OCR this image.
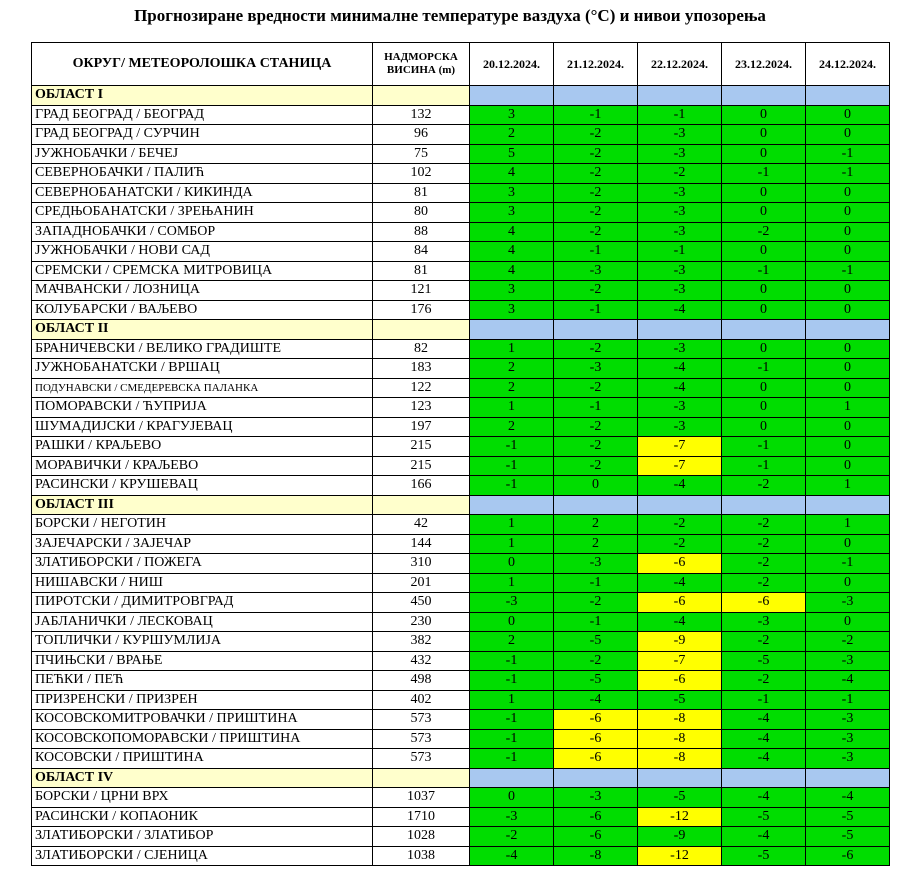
Прогнозиране вредности минималне температуре ваздуха (°C) и нивои упозорења
ОКРУГ/ МЕТЕОРОЛОШКА СТАНИЦА	НАДМОРСКА
ВИСИНА (m)	20.12.2024.	21.12.2024.	22.12.2024.	23.12.2024.	24.12.2024.
ОБЛАСТ I						
ГРАД БЕОГРАД / БЕОГРАД	132	3	-1	-1	0	0
ГРАД БЕОГРАД / СУРЧИН	96	2	-2	-3	0	0
ЈУЖНОБАЧКИ / БЕЧЕЈ	75	5	-2	-3	0	-1
СЕВЕРНОБАЧКИ / ПАЛИЋ	102	4	-2	-2	-1	-1
СЕВЕРНОБАНАТСКИ / КИКИНДА	81	3	-2	-3	0	0
СРЕДЊОБАНАТСКИ / ЗРЕЊАНИН	80	3	-2	-3	0	0
ЗАПАДНОБАЧКИ / СОМБОР	88	4	-2	-3	-2	0
ЈУЖНОБАЧКИ / НОВИ САД	84	4	-1	-1	0	0
СРЕМСКИ / СРЕМСКА МИТРОВИЦА	81	4	-3	-3	-1	-1
МАЧВАНСКИ / ЛОЗНИЦА	121	3	-2	-3	0	0
КОЛУБАРСКИ / ВАЉЕВО	176	3	-1	-4	0	0
ОБЛАСТ II						
БРАНИЧЕВСКИ / ВЕЛИКО ГРАДИШТЕ	82	1	-2	-3	0	0
ЈУЖНОБАНАТСКИ / ВРШАЦ	183	2	-3	-4	-1	0
ПОДУНАВСКИ / СМЕДЕРЕВСКА ПАЛАНКА	122	2	-2	-4	0	0
ПОМОРАВСКИ / ЋУПРИЈА	123	1	-1	-3	0	1
ШУМАДИЈСКИ / КРАГУЈЕВАЦ	197	2	-2	-3	0	0
РАШКИ / КРАЉЕВО	215	-1	-2	-7	-1	0
МОРАВИЧКИ / КРАЉЕВО	215	-1	-2	-7	-1	0
РАСИНСКИ / КРУШЕВАЦ	166	-1	0	-4	-2	1
ОБЛАСТ III						
БОРСКИ / НЕГОТИН	42	1	2	-2	-2	1
ЗАЈЕЧАРСКИ / ЗАЈЕЧАР	144	1	2	-2	-2	0
ЗЛАТИБОРСКИ / ПОЖЕГА	310	0	-3	-6	-2	-1
НИШАВСКИ / НИШ	201	1	-1	-4	-2	0
ПИРОТСКИ / ДИМИТРОВГРАД	450	-3	-2	-6	-6	-3
ЈАБЛАНИЧКИ / ЛЕСКОВАЦ	230	0	-1	-4	-3	0
ТОПЛИЧКИ / КУРШУМЛИЈА	382	2	-5	-9	-2	-2
ПЧИЊСКИ / ВРАЊЕ	432	-1	-2	-7	-5	-3
ПЕЋКИ / ПЕЋ	498	-1	-5	-6	-2	-4
ПРИЗРЕНСКИ / ПРИЗРЕН	402	1	-4	-5	-1	-1
КОСОВСКОМИТРОВАЧКИ / ПРИШТИНА	573	-1	-6	-8	-4	-3
КОСОВСКОПОМОРАВСКИ / ПРИШТИНА	573	-1	-6	-8	-4	-3
КОСОВСКИ / ПРИШТИНА	573	-1	-6	-8	-4	-3
ОБЛАСТ IV						
БОРСКИ / ЦРНИ ВРХ	1037	0	-3	-5	-4	-4
РАСИНСКИ / КОПАОНИК	1710	-3	-6	-12	-5	-5
ЗЛАТИБОРСКИ / ЗЛАТИБОР	1028	-2	-6	-9	-4	-5
ЗЛАТИБОРСКИ / СЈЕНИЦА	1038	-4	-8	-12	-5	-6
